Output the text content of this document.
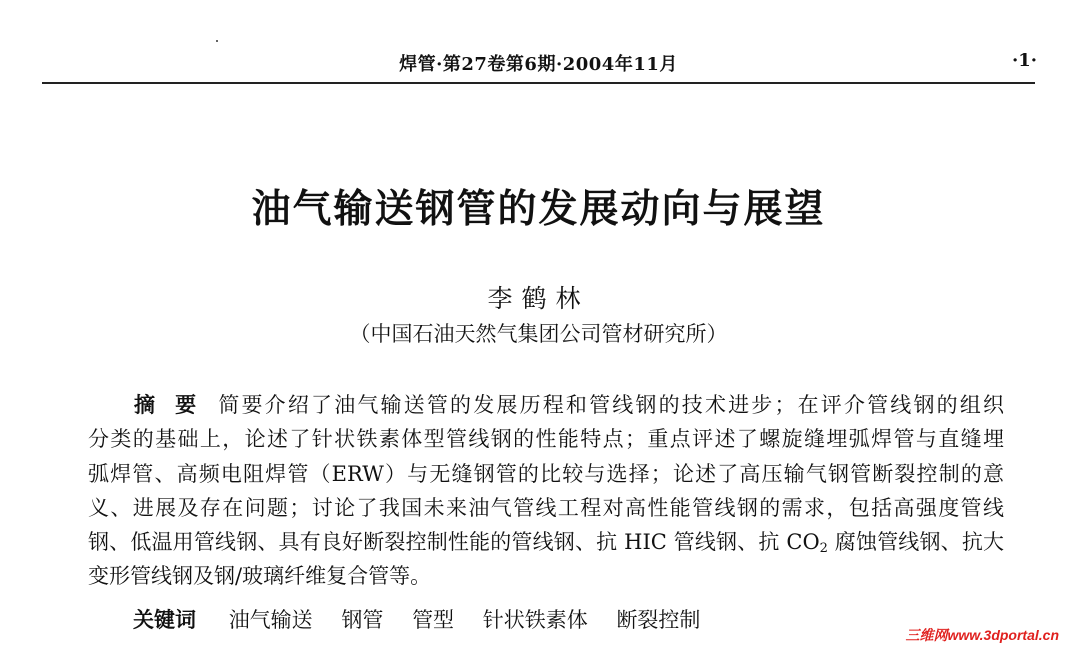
焊管·第27卷第6期·2004年11月	·1·
油气输送钢管的发展动向与展望
李鹤林
（中国石油天然气集团公司管材研究所）
摘要简要介绍了油气输送管的发展历程和管线钢的技术进步；在评介管线钢的组织
分类的基础上，论述了针状铁素体型管线钢的性能特点；重点评述了螺旋缝埋弧焊管与直缝埋
弧焊管、高频电阻焊管（ERW）与无缝钢管的比较与选择；论述了高压输气钢管断裂控制的意
义、进展及存在问题；讨论了我国未来油气管线工程对高性能管线钢的需求，包括高强度管线
钢、低温用管线钢、具有良好断裂控制性能的管线钢、抗 HIC 管线钢、抗 $CO_2$ 腐蚀管线钢、抗大
变形管线钢及钢/玻璃纤维复合管等。
关键词 油气输送 钢管 管型 针状铁素体 断裂控制
三维网www.3dportal.cn
